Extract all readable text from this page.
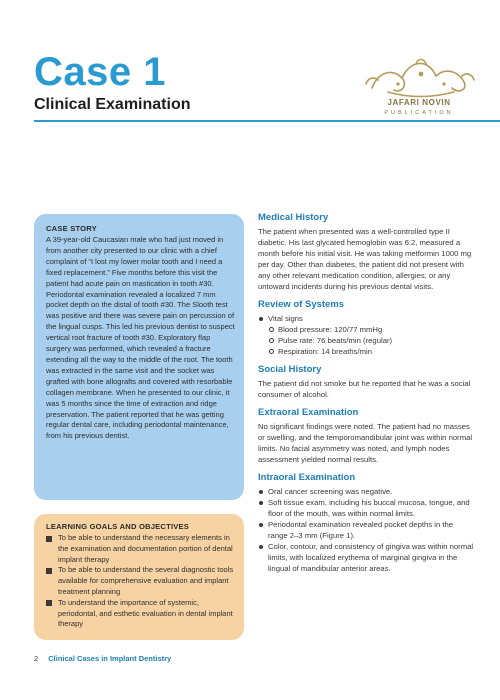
Case 1
Clinical Examination	JAFARI NOVIN
PUBLICATION
CASE STORY

A 39-year-old Caucasian male who had just moved in from another city presented to our clinic with a chief complaint of “I lost my lower molar tooth and I need a fixed replacement.” Five months before this visit the patient had acute pain on mastication in tooth #30. Periodontal examination revealed a localized 7 mm pocket depth on the distal of tooth #30. The Slooth test was positive and there was severe pain on percussion of the lingual cusps. This led his previous dentist to suspect vertical root fracture of tooth #30. Exploratory flap surgery was performed, which revealed a fracture extending all the way to the middle of the root. The tooth was extracted in the same visit and the socket was grafted with bone allografts and covered with resorbable collagen membrane. When he presented to our clinic, it was 5 months since the time of extraction and ridge preservation. The patient reported that he was getting regular dental care, including periodontal maintenance, from his previous dentist.

LEARNING GOALS AND OBJECTIVES
To be able to understand the necessary elements in the examination and documentation portion of dental implant therapy
To be able to understand the several diagnostic tools available for comprehensive evaluation and implant treatment planning
To understand the importance of systemic, periodontal, and esthetic evaluation in dental implant therapy
Medical History

The patient when presented was a well-controlled type II diabetic. His last glycated hemoglobin was 6.2, measured a month before his initial visit. He was taking metformin 1000 mg per day. Other than diabetes, the patient did not present with any other relevant medication condition, allergies, or any untoward incidents during his previous dental visits.

Review of Systems
Vital signs
Blood pressure: 120/77 mmHg
Pulse rate: 76 beats/min (regular)
Respiration: 14 breaths/min
Social History

The patient did not smoke but he reported that he was a social consumer of alcohol.

Extraoral Examination

No significant findings were noted. The patient had no masses or swelling, and the temporomandibular joint was within normal limits. No facial asymmetry was noted, and lymph nodes assessment yielded normal results.

Intraoral Examination
Oral cancer screening was negative.
Soft tissue exam, including his buccal mucosa, tongue, and floor of the mouth, was within normal limits.
Periodontal examination revealed pocket depths in the range 2–3 mm (Figure 1).
Color, contour, and consistency of gingiva was within normal limits, with localized erythema of marginal gingiva in the lingual of mandibular anterior areas.
2 Clinical Cases in Implant Dentistry
